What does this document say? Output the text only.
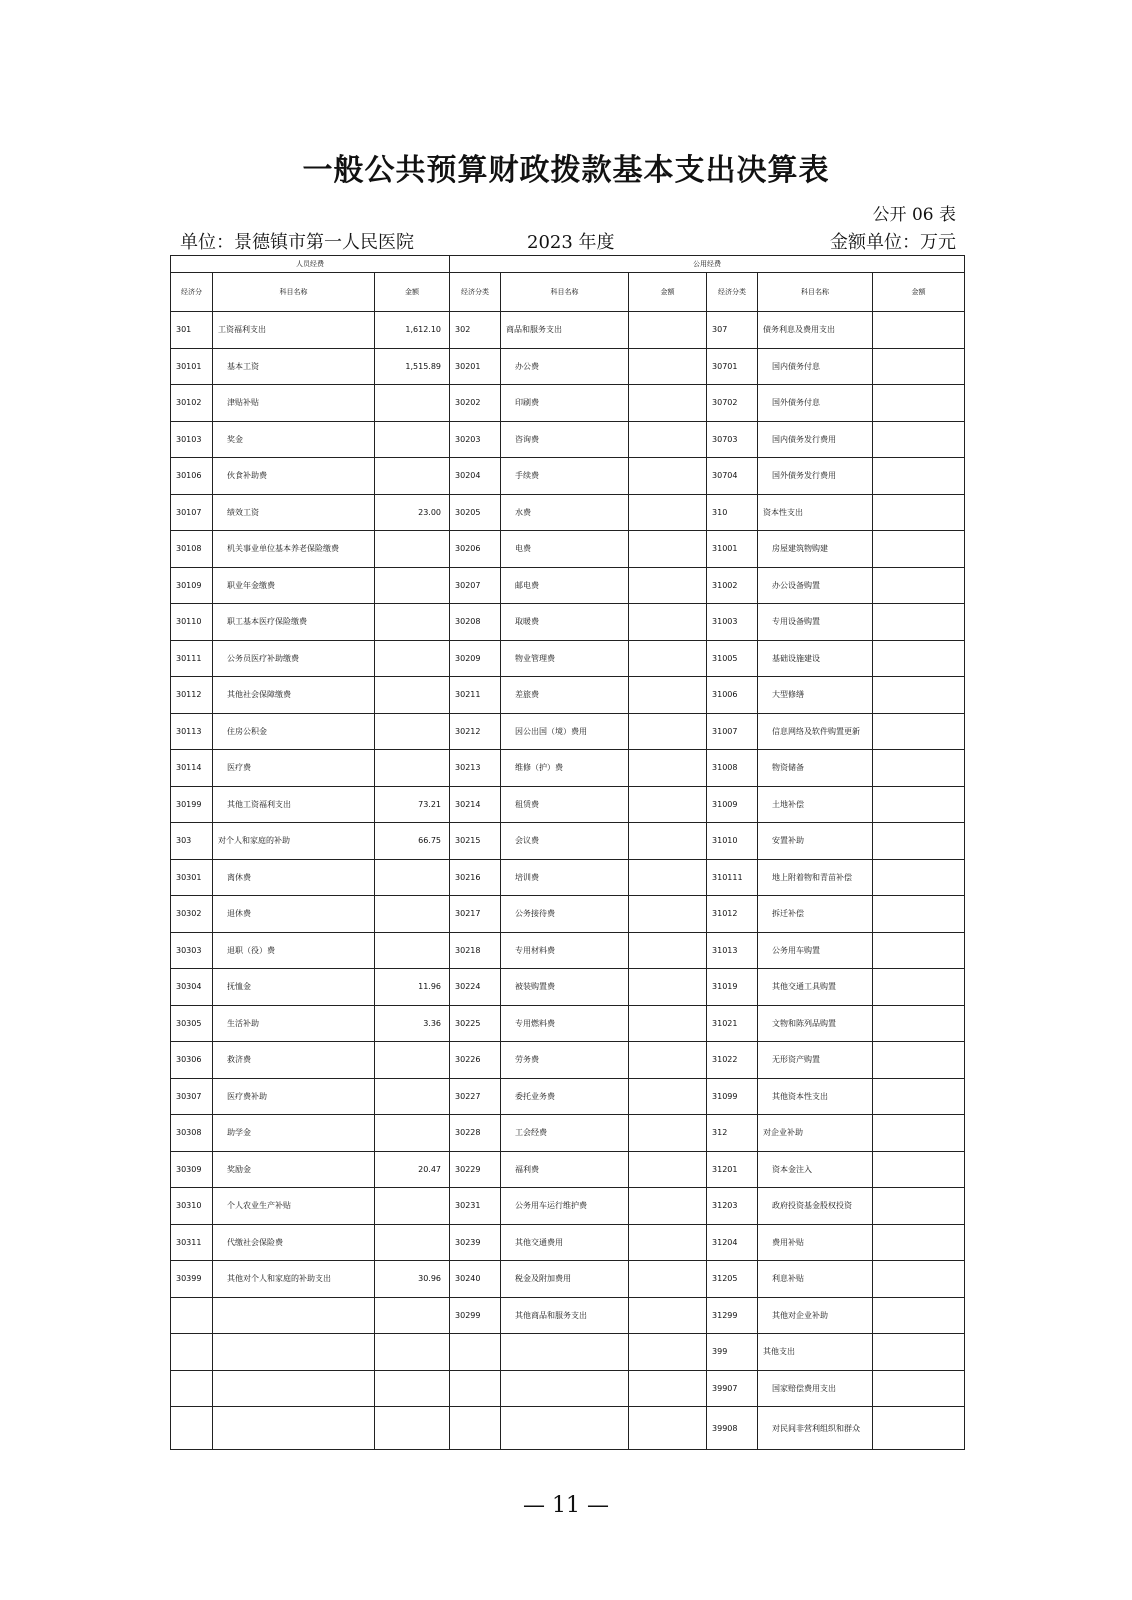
一般公共预算财政拨款基本支出决算表
公开 06 表
单位：景德镇市第一人民医院	2023 年度	金额单位：万元
人员经费			公用经费					
经济分	科目名称	金额	经济分类	科目名称	金额	经济分类	科目名称	金额
301	工资福利支出	1,612.10	302	商品和服务支出		307	债务利息及费用支出	
30101	基本工资	1,515.89	30201	办公费		30701	国内债务付息	
30102	津贴补贴		30202	印刷费		30702	国外债务付息	
30103	奖金		30203	咨询费		30703	国内债务发行费用	
30106	伙食补助费		30204	手续费		30704	国外债务发行费用	
30107	绩效工资	23.00	30205	水费		310	资本性支出	
30108	机关事业单位基本养老保险缴费		30206	电费		31001	房屋建筑物购建	
30109	职业年金缴费		30207	邮电费		31002	办公设备购置	
30110	职工基本医疗保险缴费		30208	取暖费		31003	专用设备购置	
30111	公务员医疗补助缴费		30209	物业管理费		31005	基础设施建设	
30112	其他社会保障缴费		30211	差旅费		31006	大型修缮	
30113	住房公积金		30212	因公出国（境）费用		31007	信息网络及软件购置更新	
30114	医疗费		30213	维修（护）费		31008	物资储备	
30199	其他工资福利支出	73.21	30214	租赁费		31009	土地补偿	
303	对个人和家庭的补助	66.75	30215	会议费		31010	安置补助	
30301	离休费		30216	培训费		310111	地上附着物和青苗补偿	
30302	退休费		30217	公务接待费		31012	拆迁补偿	
30303	退职（役）费		30218	专用材料费		31013	公务用车购置	
30304	抚恤金	11.96	30224	被装购置费		31019	其他交通工具购置	
30305	生活补助	3.36	30225	专用燃料费		31021	文物和陈列品购置	
30306	救济费		30226	劳务费		31022	无形资产购置	
30307	医疗费补助		30227	委托业务费		31099	其他资本性支出	
30308	助学金		30228	工会经费		312	对企业补助	
30309	奖励金	20.47	30229	福利费		31201	资本金注入	
30310	个人农业生产补贴		30231	公务用车运行维护费		31203	政府投资基金股权投资	
30311	代缴社会保险费		30239	其他交通费用		31204	费用补贴	
30399	其他对个人和家庭的补助支出	30.96	30240	税金及附加费用		31205	利息补贴	
			30299	其他商品和服务支出		31299	其他对企业补助	
						399	其他支出	
						39907	国家赔偿费用支出	
						39908	对民间非营利组织和群众	
— 11 —
